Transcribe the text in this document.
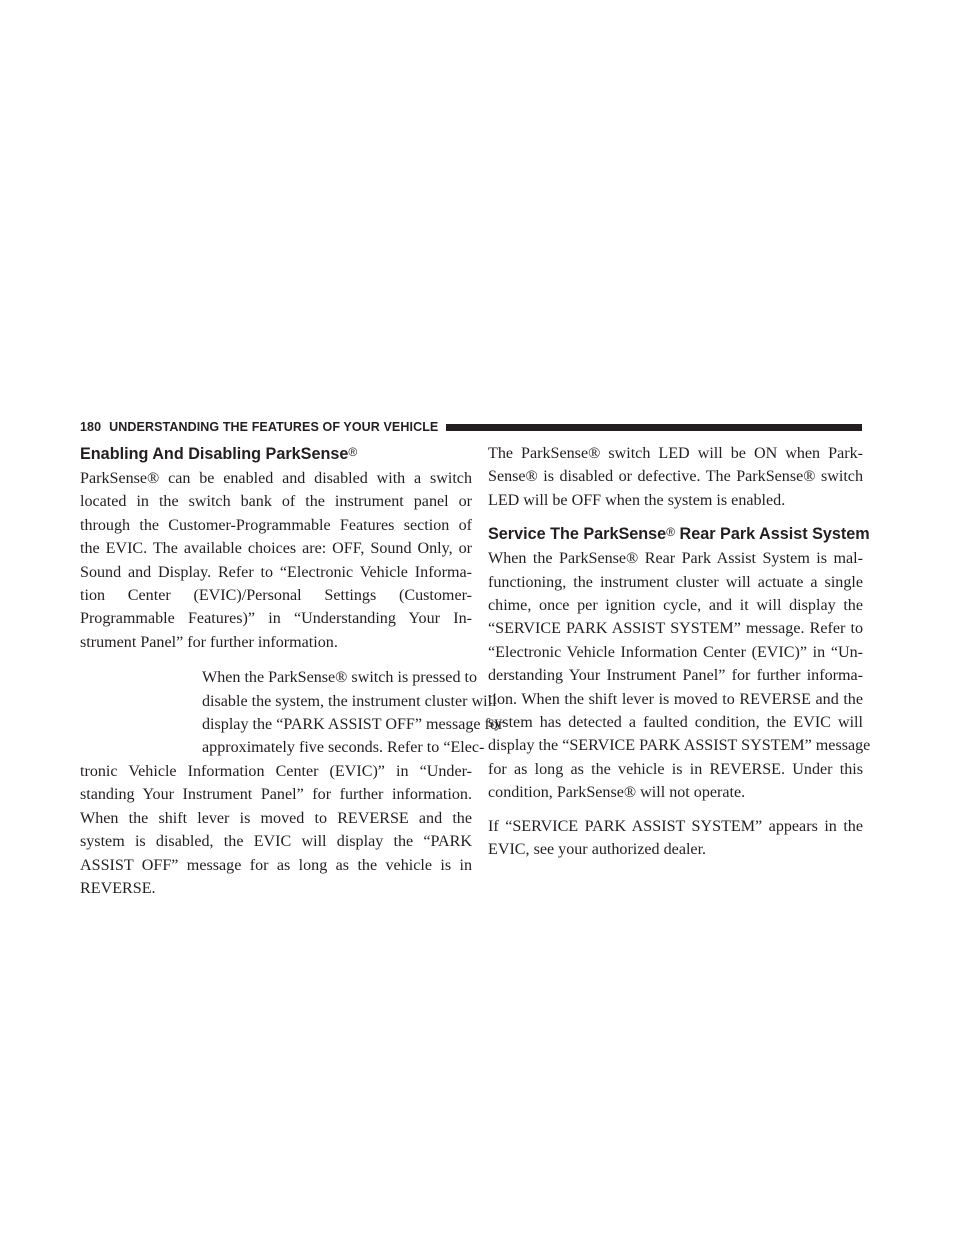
180 UNDERSTANDING THE FEATURES OF YOUR VEHICLE
Enabling And Disabling ParkSense®

ParkSense® can be enabled and disabled with a switch
located in the switch bank of the instrument panel or
through the Customer-Programmable Features section of
the EVIC. The available choices are: OFF, Sound Only, or
Sound and Display. Refer to “Electronic Vehicle Informa-
tion Center (EVIC)/Personal Settings (Customer-
Programmable Features)” in “Understanding Your In-
strument Panel” for further information.

When the ParkSense® switch is pressed to
disable the system, the instrument cluster will
display the “PARK ASSIST OFF” message for
approximately five seconds. Refer to “Elec-

tronic Vehicle Information Center (EVIC)” in “Under-
standing Your Instrument Panel” for further information.
When the shift lever is moved to REVERSE and the
system is disabled, the EVIC will display the “PARK
ASSIST OFF” message for as long as the vehicle is in
REVERSE.

The ParkSense® switch LED will be ON when Park-
Sense® is disabled or defective. The ParkSense® switch
LED will be OFF when the system is enabled.

Service The ParkSense® Rear Park Assist System

When the ParkSense® Rear Park Assist System is mal-
functioning, the instrument cluster will actuate a single
chime, once per ignition cycle, and it will display the
“SERVICE PARK ASSIST SYSTEM” message. Refer to
“Electronic Vehicle Information Center (EVIC)” in “Un-
derstanding Your Instrument Panel” for further informa-
tion. When the shift lever is moved to REVERSE and the
system has detected a faulted condition, the EVIC will
display the “SERVICE PARK ASSIST SYSTEM” message
for as long as the vehicle is in REVERSE. Under this
condition, ParkSense® will not operate.

If “SERVICE PARK ASSIST SYSTEM” appears in the
EVIC, see your authorized dealer.
